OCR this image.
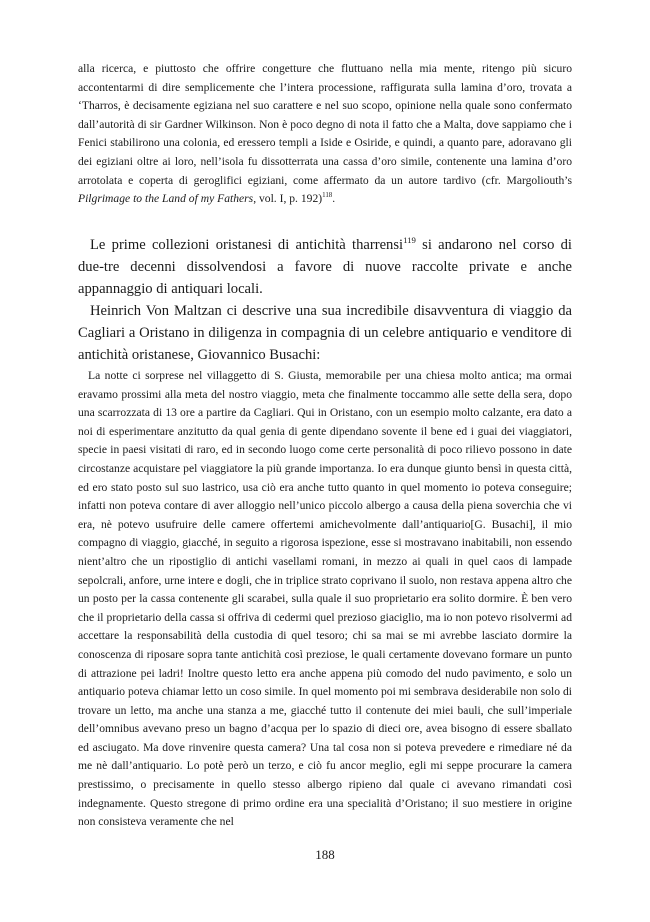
alla ricerca, e piuttosto che offrire congetture che fluttuano nella mia mente, ritengo più sicuro accontentarmi di dire semplicemente che l’intera processione, raffigurata sulla lamina d’oro, trovata a ‘Tharros, è decisamente egiziana nel suo carattere e nel suo scopo, opinione nella quale sono confermato dall’autorità di sir Gardner Wilkinson. Non è poco degno di nota il fatto che a Malta, dove sappiamo che i Fenici stabilirono una colonia, ed eressero templi a Iside e Osiride, e quindi, a quanto pare, adoravano gli dei egiziani oltre ai loro, nell’isola fu dissotterrata una cassa d’oro simile, contenente una lamina d’oro arrotolata e coperta di geroglifici egiziani, come affermato da un autore tardivo (cfr. Margoliouth’s Pilgrimage to the Land of my Fathers, vol. I, p. 192)$^{118}$.

Le prime collezioni oristanesi di antichità tharrensi$^{119}$ si andarono nel corso di due-tre decenni dissolvendosi a favore di nuove raccolte private e anche appannaggio di antiquari locali.

Heinrich Von Maltzan ci descrive una sua incredibile disavventura di viaggio da Cagliari a Oristano in diligenza in compagnia di un celebre antiquario e venditore di antichità oristanese, Giovannico Busachi:

La notte ci sorprese nel villaggetto di S. Giusta, memorabile per una chiesa molto antica; ma ormai eravamo prossimi alla meta del nostro viaggio, meta che finalmente toccammo alle sette della sera, dopo una scarrozzata di 13 ore a partire da Cagliari. Qui in Oristano, con un esempio molto calzante, era dato a noi di esperimentare anzitutto da qual genia di gente dipendano sovente il bene ed i guai dei viaggiatori, specie in paesi visitati di raro, ed in secondo luogo come certe personalità di poco rilievo possono in date circostanze acquistare pel viaggiatore la più grande importanza. Io era dunque giunto bensì in questa città, ed ero stato posto sul suo lastrico, usa ciò era anche tutto quanto in quel momento io poteva conseguire; infatti non poteva contare di aver alloggio nell’unico piccolo albergo a causa della piena soverchia che vi era, nè potevo usufruire delle camere offertemi amichevolmente dall’antiquario[G. Busachi], il mio compagno di viaggio, giacché, in seguito a rigorosa ispezione, esse si mostravano inabitabili, non essendo nient’altro che un ripostiglio di antichi vasellami romani, in mezzo ai quali in quel caos di lampade sepolcrali, anfore, urne intere e dogli, che in triplice strato coprivano il suolo, non restava appena altro che un posto per la cassa contenente gli scarabei, sulla quale il suo proprietario era solito dormire. È ben vero che il proprietario della cassa si offriva di cedermi quel prezioso giaciglio, ma io non potevo risolvermi ad accettare la responsabilità della custodia di quel tesoro; chi sa mai se mi avrebbe lasciato dormire la conoscenza di riposare sopra tante antichità così preziose, le quali certamente dovevano formare un punto di attrazione pei ladri! Inoltre questo letto era anche appena più comodo del nudo pavimento, e solo un antiquario poteva chiamar letto un coso simile. In quel momento poi mi sembrava desiderabile non solo di trovare un letto, ma anche una stanza a me, giacché tutto il contenute dei miei bauli, che sull’imperiale dell’omnibus avevano preso un bagno d’acqua per lo spazio di dieci ore, avea bisogno di essere sballato ed asciugato. Ma dove rinvenire questa camera? Una tal cosa non si poteva prevedere e rimediare né da me nè dall’antiquario. Lo potè però un terzo, e ciò fu ancor meglio, egli mi seppe procurare la camera prestissimo, o precisamente in quello stesso albergo ripieno dal quale ci avevano rimandati così indegnamente. Questo stregone di primo ordine era una specialità d’Oristano; il suo mestiere in origine non consisteva veramente che nel

188
